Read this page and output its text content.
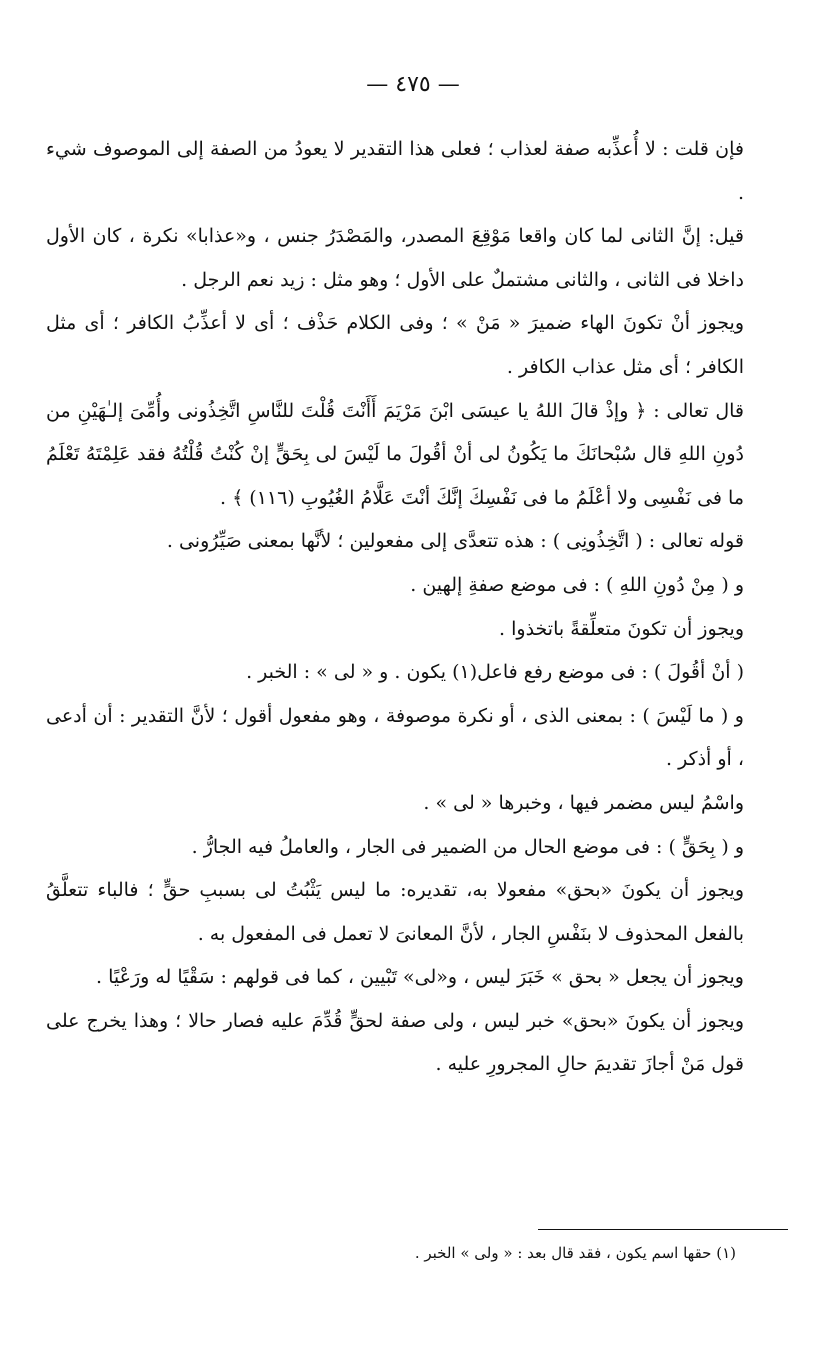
— ٤٧٥ —

فإن قلت : لا أُعذِّبه صفة لعذاب ؛ فعلى هذا التقدير لا يعودُ من الصفة إلى الموصوف شيء .

قيل: إنَّ الثانى لما كان واقعا مَوْقِعَ المصدر، والمَصْدَرُ جنس ، و«عذابا» نكرة ، كان الأول داخلا فى الثانى ، والثانى مشتملٌ على الأول ؛ وهو مثل : زيد نعم الرجل .

ويجوز أنْ تكونَ الهاء ضميرَ « مَنْ » ؛ وفى الكلام حَذْف ؛ أى لا أعذِّبُ الكافر ؛ أى مثل الكافر ؛ أى مثل عذاب الكافر .

قال تعالى : ﴿ وإذْ قالَ اللهُ يا عيسَى ابْنَ مَرْيَمَ أَأَنْتَ قُلْتَ للنَّاسِ اتَّخِذُونى وأُمِّىَ إلـٰهَيْنِ من دُونِ اللهِ قال سُبْحانَكَ ما يَكُونُ لى أنْ أقُولَ ما لَيْسَ لى بِحَقٍّ إنْ كُنْتُ قُلْتُهُ فقد عَلِمْتَهُ تَعْلَمُ ما فى نَفْسِى ولا أعْلَمُ ما فى نَفْسِكَ إنَّكَ أنْتَ عَلَّامُ الغُيُوبِ (١١٦) ﴾ .

قوله تعالى : ( اتَّخِذُونِى ) : هذه تتعدَّى إلى مفعولين ؛ لأنَّها بمعنى صَيِّرُونى .

و ( مِنْ دُونِ اللهِ ) : فى موضع صفةِ إلهين .

ويجوز أن تكونَ متعلِّقةً باتخذوا .

( أنْ أقُولَ ) : فى موضع رفع فاعل(١) يكون . و « لى » : الخبر .

و ( ما لَيْسَ ) : بمعنى الذى ، أو نكرة موصوفة ، وهو مفعول أقول ؛ لأنَّ التقدير : أن أدعى ، أو أذكر .

واسْمُ ليس مضمر فيها ، وخبرها « لى » .

و ( بِحَقٍّ ) : فى موضع الحال من الضمير فى الجار ، والعاملُ فيه الجارُّ .

ويجوز أن يكونَ «بحق» مفعولا به، تقديره: ما ليس يَثْبُتُ لى بسببِ حقٍّ ؛ فالباء تتعلَّقُ بالفعل المحذوف لا بنَفْسِ الجار ، لأنَّ المعانىَ لا تعمل فى المفعول به .

ويجوز أن يجعل « بحق » خَبَرَ ليس ، و«لى» تَبْيين ، كما فى قولهم : سَقْيًا له ورَعْيًا .

ويجوز أن يكونَ «بحق» خبر ليس ، ولى صفة لحقٍّ قُدِّمَ عليه فصار حالا ؛ وهذا يخرج على قول مَنْ أجازَ تقديمَ حالِ المجرورِ عليه .

(١) حقها اسم يكون ، فقد قال بعد : « ولى » الخبر .
